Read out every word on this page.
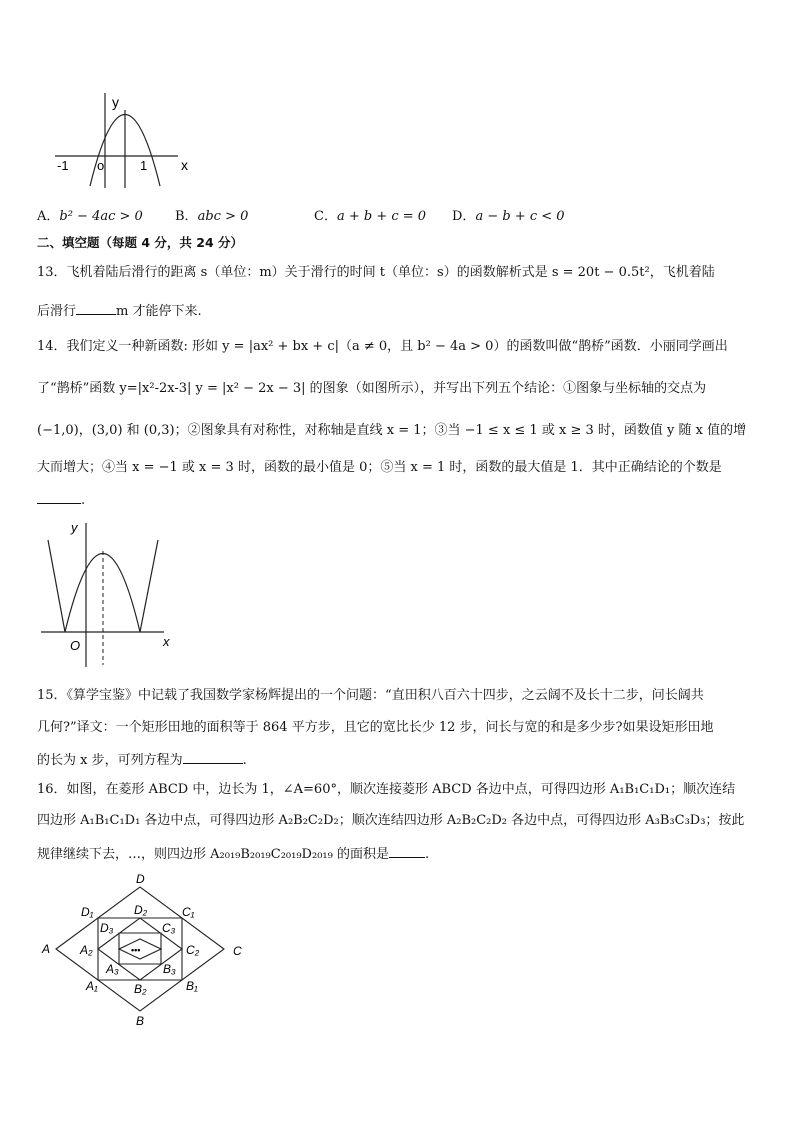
y
x
-1 o	1
A．b² − 4ac > 0 B．abc > 0	C．a + b + c = 0 D．a − b + c < 0
二、填空题（每题 4 分，共 24 分）
13．飞机着陆后滑行的距离 s（单位：m）关于滑行的时间 t（单位：s）的函数解析式是 s = 20t − 0.5t²，飞机着陆
后滑行	m 才能停下来.
14．我们定义一种新函数: 形如 y = |ax² + bx + c|（a ≠ 0，且 b² − 4a > 0）的函数叫做“鹊桥”函数．小丽同学画出
了“鹊桥”函数 y=|x²-2x-3| y = |x² − 2x − 3| 的图象（如图所示），并写出下列五个结论：①图象与坐标轴的交点为
(−1,0)，(3,0) 和 (0,3)；②图象具有对称性，对称轴是直线 x = 1；③当 −1 ≤ x ≤ 1 或 x ≥ 3 时，函数值 y 随 x 值的增
大而增大；④当 x = −1 或 x = 3 时，函数的最小值是 0；⑤当 x = 1 时，函数的最大值是 1．其中正确结论的个数是
.
y
x
O
15．《算学宝鉴》中记载了我国数学家杨辉提出的一个问题：“直田积八百六十四步，之云阔不及长十二步，问长阔共
几何?”译文：一个矩形田地的面积等于 864 平方步，且它的宽比长少 12 步，问长与宽的和是多少步?如果设矩形田地
的长为 x 步，可列方程为	.
16．如图，在菱形 ABCD 中，边长为 1，∠A=60°，顺次连接菱形 ABCD 各边中点，可得四边形 A₁B₁C₁D₁；顺次连结
四边形 A₁B₁C₁D₁ 各边中点，可得四边形 A₂B₂C₂D₂；顺次连结四边形 A₂B₂C₂D₂ 各边中点，可得四边形 A₃B₃C₃D₃；按此
规律继续下去，…，则四边形 A₂₀₁₉B₂₀₁₉C₂₀₁₉D₂₀₁₉ 的面积是	.
•••
D
B
A	C
D₁	C₁
A₁	B₁
D₂
B₂
A₂	C₂
D₃	C₃
A₃	B₃
